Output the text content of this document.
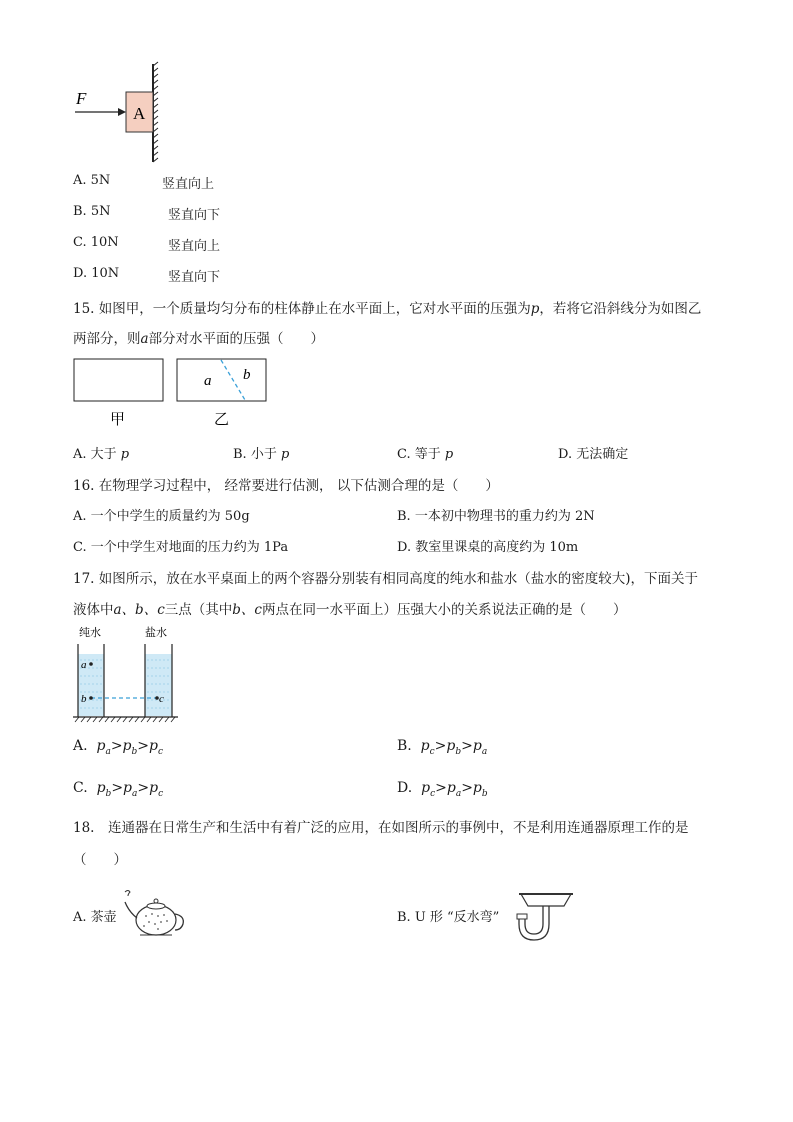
F
A
A. 5N	竖直向上
B. 5N	竖直向下
C. 10N	竖直向上
D. 10N	竖直向下
15. 如图甲，一个质量均匀分布的柱体静止在水平面上，它对水平面的压强为p，若将它沿斜线分为如图乙
两部分，则a部分对水平面的压强（　　）
a b
甲	乙
A. 大于 p	B. 小于 p	C. 等于 p	D. 无法确定
16. 在物理学习过程中， 经常要进行估测， 以下估测合理的是（　　）
A. 一个中学生的质量约为 50g	B. 一本初中物理书的重力约为 2N
C. 一个中学生对地面的压力约为 1Pa	D. 教室里课桌的高度约为 10m
17. 如图所示，放在水平桌面上的两个容器分别装有相同高度的纯水和盐水（盐水的密度较大)，下面关于
液体中a、b、c三点（其中b、c两点在同一水平面上）压强大小的关系说法正确的是（　　）
纯水	盐水
a
b	c
A. $p_a>p_b>p_c$	B. $p_c>p_b>p_a$
C. $p_b>p_a>p_c$	D. $p_c>p_a>p_b$
18.　连通器在日常生产和生活中有着广泛的应用，在如图所示的事例中，不是利用连通器原理工作的是
（　　）
A. 茶壶	B. U 形 “反水弯”
